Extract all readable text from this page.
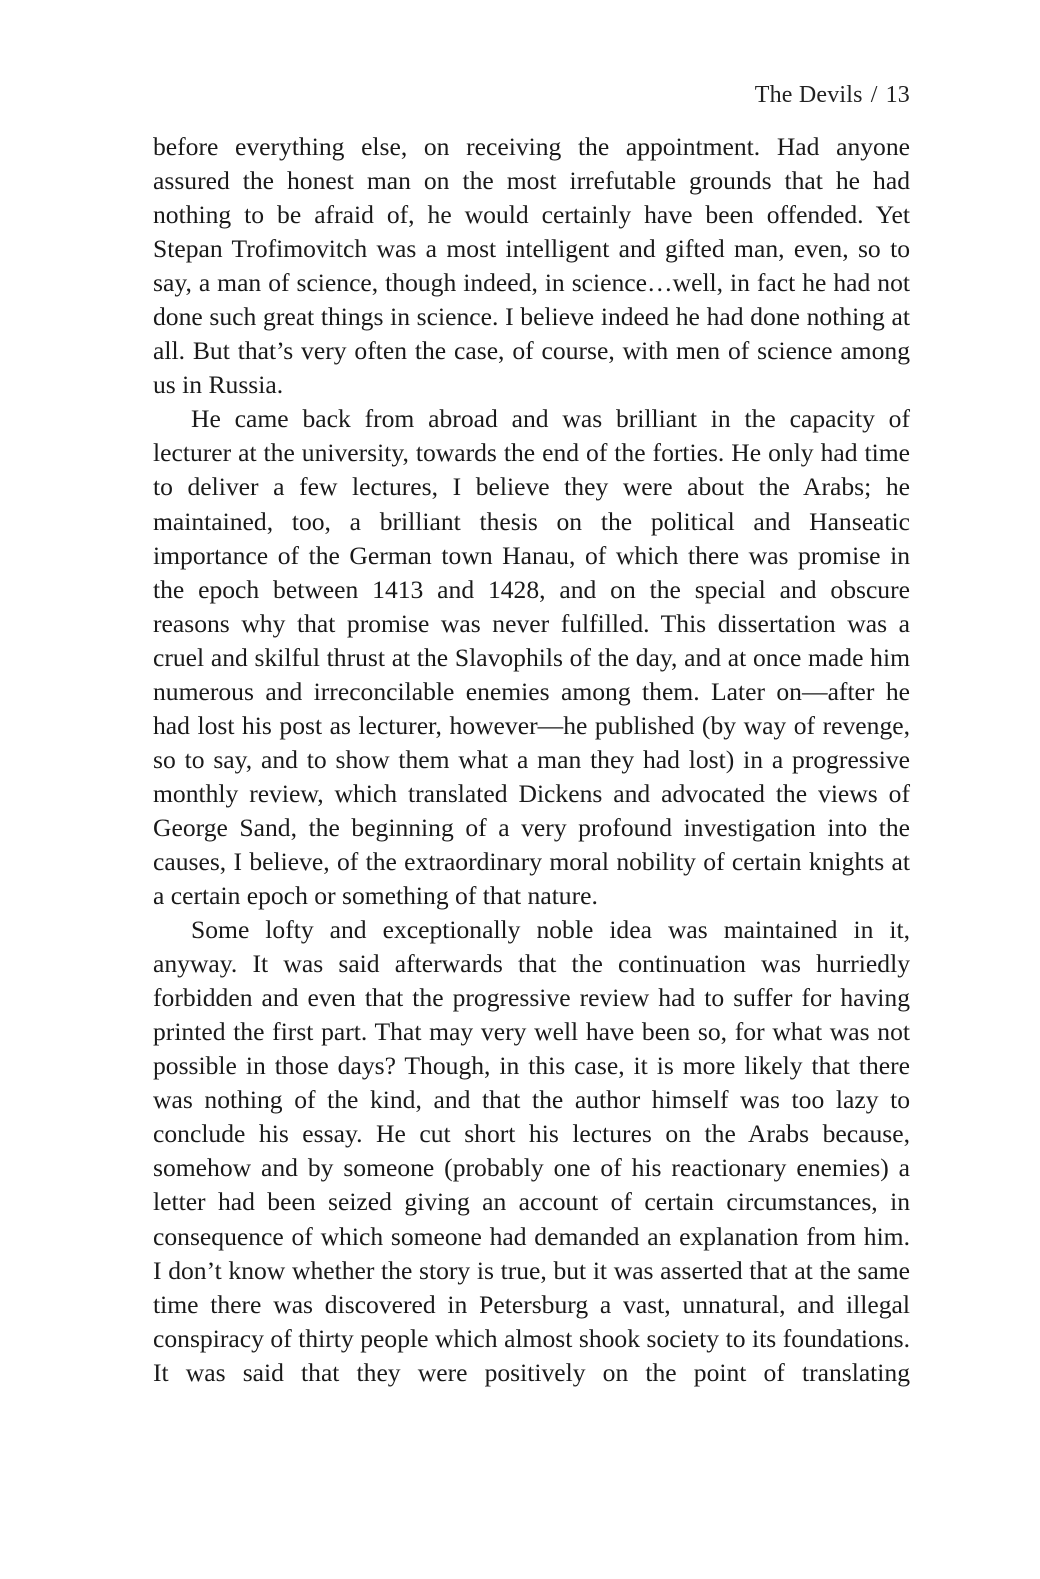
The Devils / 13

before everything else, on receiving the appointment. Had anyone assured the honest man on the most irrefutable grounds that he had nothing to be afraid of, he would certainly have been offended. Yet Stepan Trofimovitch was a most intelligent and gifted man, even, so to say, a man of science, though indeed, in science…well, in fact he had not done such great things in science. I believe indeed he had done nothing at all. But that’s very often the case, of course, with men of science among us in Russia.

He came back from abroad and was brilliant in the capacity of lecturer at the university, towards the end of the forties. He only had time to deliver a few lectures, I believe they were about the Arabs; he maintained, too, a brilliant thesis on the political and Hanseatic importance of the German town Hanau, of which there was promise in the epoch between 1413 and 1428, and on the special and obscure reasons why that promise was never fulfilled. This dissertation was a cruel and skilful thrust at the Slavophils of the day, and at once made him numerous and irreconcilable enemies among them. Later on—after he had lost his post as lecturer, however—he published (by way of revenge, so to say, and to show them what a man they had lost) in a progressive monthly review, which translated Dickens and advocated the views of George Sand, the beginning of a very profound investigation into the causes, I believe, of the extraordinary moral nobility of certain knights at a certain epoch or something of that nature.

Some lofty and exceptionally noble idea was maintained in it, anyway. It was said afterwards that the continuation was hurriedly forbidden and even that the progressive review had to suffer for having printed the first part. That may very well have been so, for what was not possible in those days? Though, in this case, it is more likely that there was nothing of the kind, and that the author himself was too lazy to conclude his essay. He cut short his lectures on the Arabs because, somehow and by someone (probably one of his reactionary enemies) a letter had been seized giving an account of certain circumstances, in consequence of which someone had demanded an explanation from him. I don’t know whether the story is true, but it was asserted that at the same time there was discovered in Petersburg a vast, unnatural, and illegal conspiracy of thirty people which almost shook society to its foundations. It was said that they were positively on the point of translating
